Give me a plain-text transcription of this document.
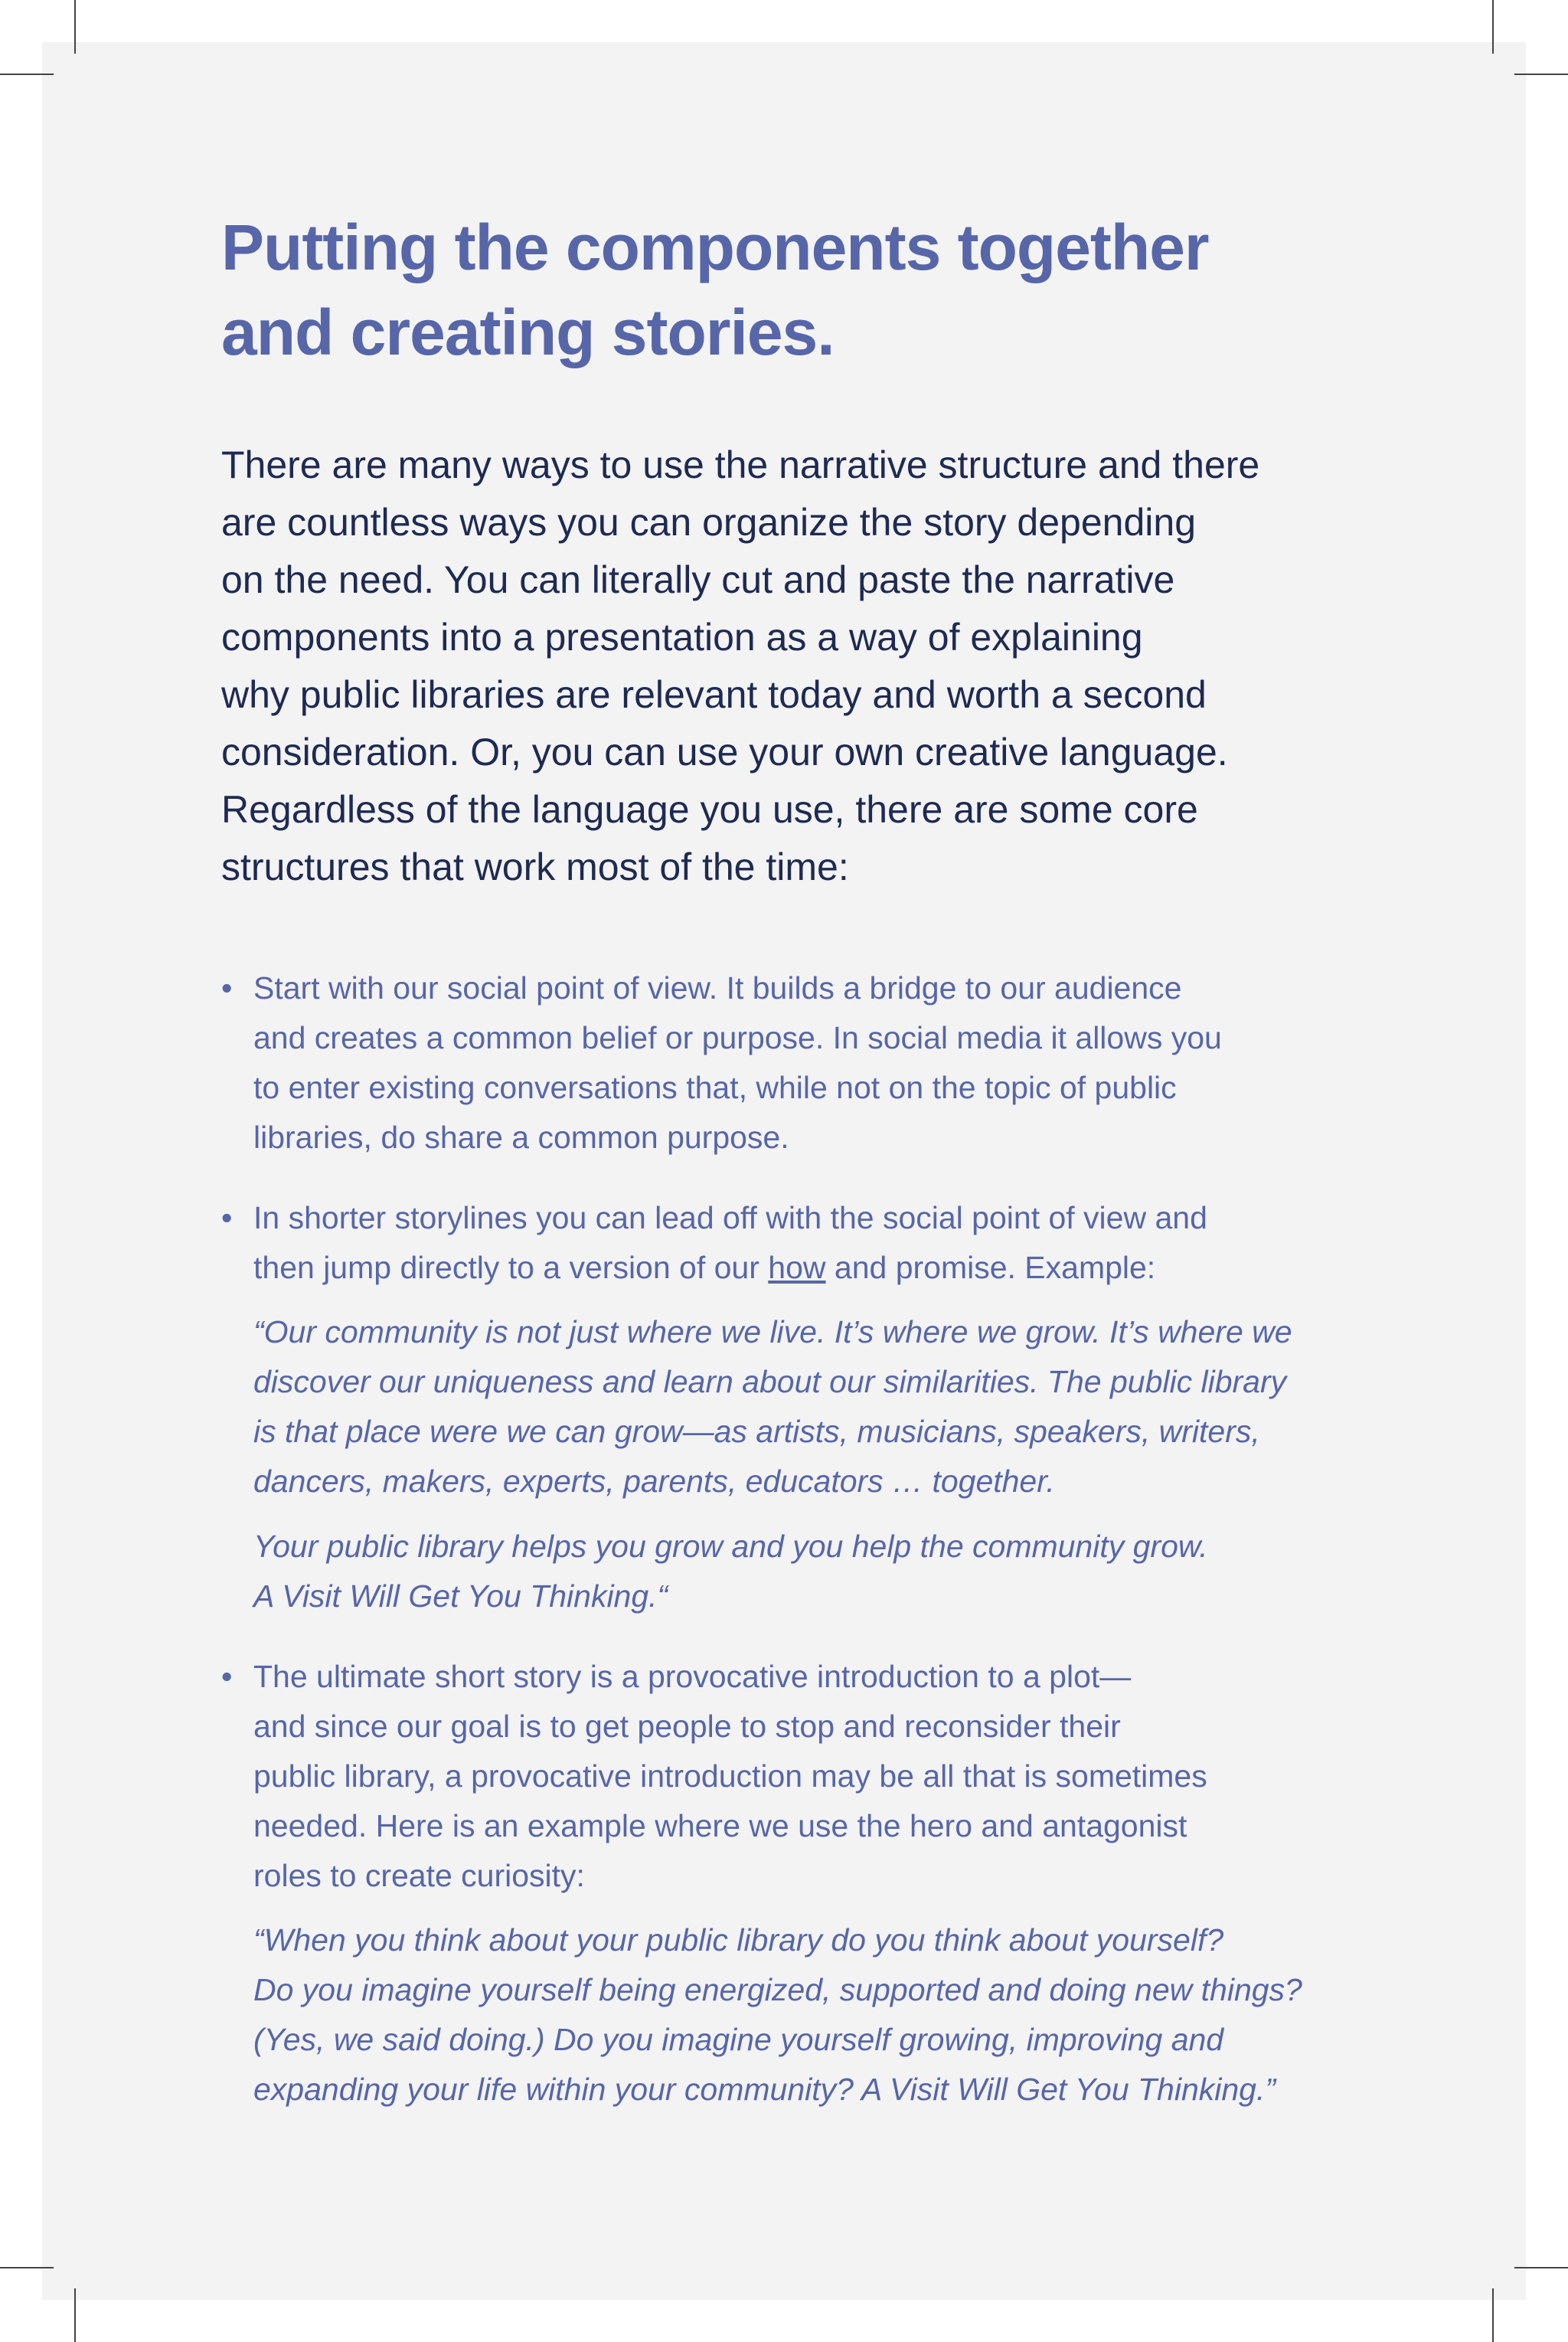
Putting the components together
and creating stories.

There are many ways to use the narrative structure and there
are countless ways you can organize the story depending
on the need. You can literally cut and paste the narrative
components into a presentation as a way of explaining
why public libraries are relevant today and worth a second
consideration. Or, you can use your own creative language.
Regardless of the language you use, there are some core
structures that work most of the time:

• Start with our social point of view. It builds a bridge to our audience
and creates a common belief or purpose. In social media it allows you
to enter existing conversations that, while not on the topic of public
libraries, do share a common purpose.
• In shorter storylines you can lead off with the social point of view and
then jump directly to a version of our how and promise. Example:
“Our community is not just where we live. It’s where we grow. It’s where we
discover our uniqueness and learn about our similarities. The public library
is that place were we can grow—as artists, musicians, speakers, writers,
dancers, makers, experts, parents, educators … together.
Your public library helps you grow and you help the community grow.
A Visit Will Get You Thinking.“
• The ultimate short story is a provocative introduction to a plot—
and since our goal is to get people to stop and reconsider their
public library, a provocative introduction may be all that is sometimes
needed. Here is an example where we use the hero and antagonist
roles to create curiosity:
“When you think about your public library do you think about yourself?
Do you imagine yourself being energized, supported and doing new things?
(Yes, we said doing.) Do you imagine yourself growing, improving and
expanding your life within your community? A Visit Will Get You Thinking.”
